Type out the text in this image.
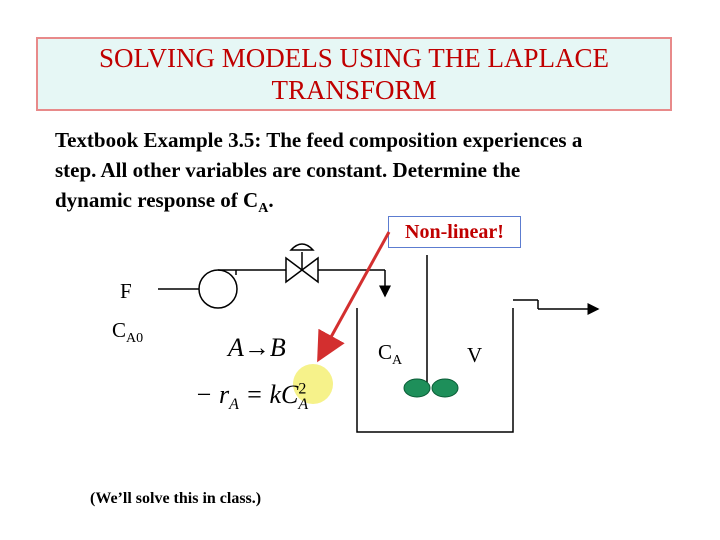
SOLVING MODELS USING THE LAPLACE
TRANSFORM
Textbook Example 3.5: The feed composition experiences a
step. All other variables are constant. Determine the
dynamic response of $C_A$.
Non-linear!
F
$C_{A0}$	A→B
− $r_A = kC^2_A$
$C_A$	V
(We’ll solve this in class.)
